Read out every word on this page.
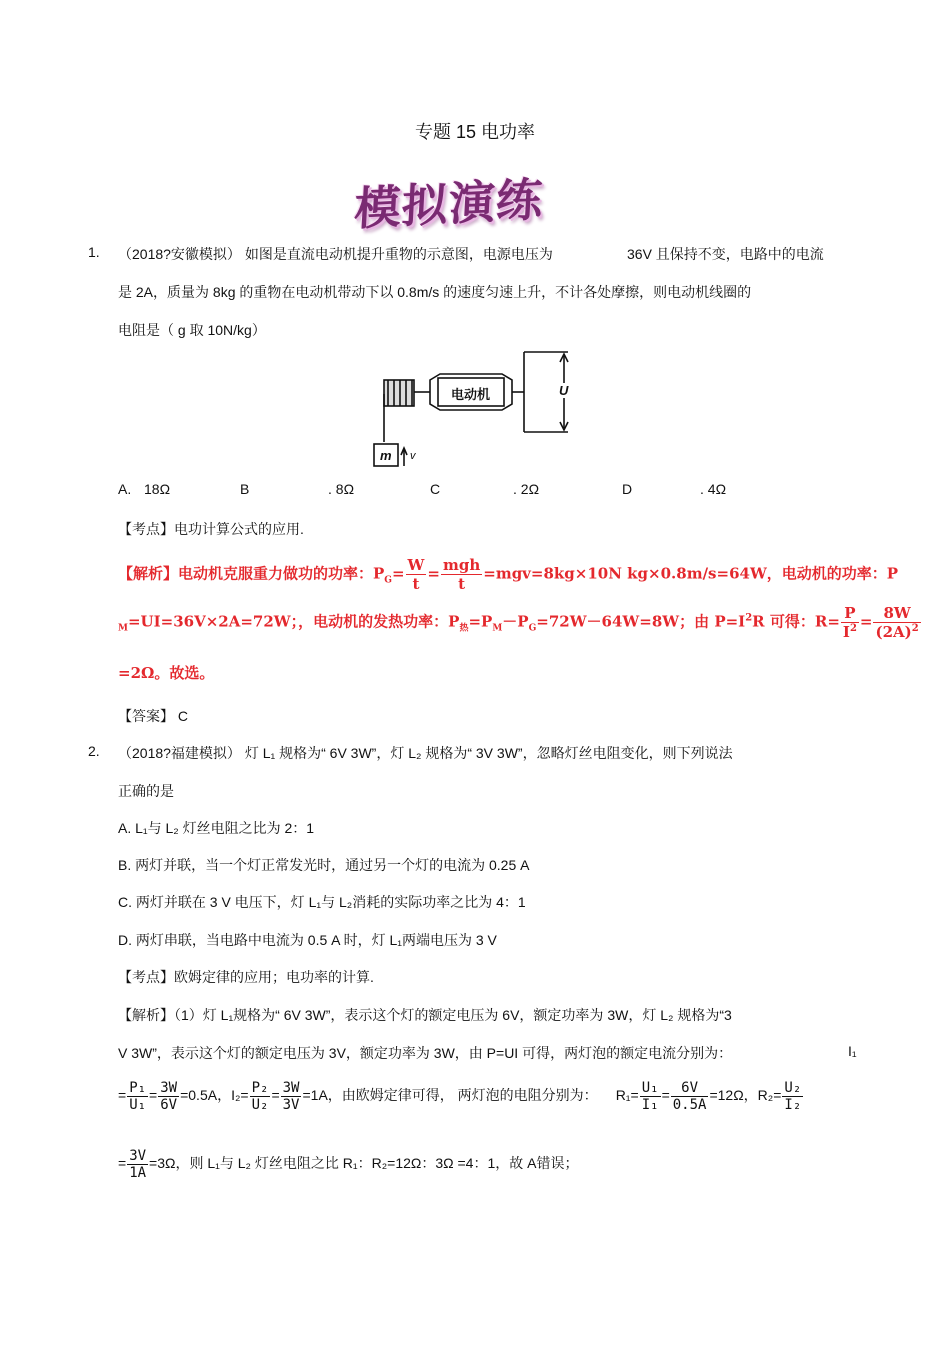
专题 15 电功率
模拟演练
1. （2018?安徽模拟） 如图是直流电动机提升重物的示意图，电源电压为	36V 且保持不变，电路中的电流
是 2A，质量为 8kg 的重物在电动机带动下以 0.8m/s 的速度匀速上升，不计各处摩擦，则电动机线圈的
电阻是（ g 取 10N/kg）
电动机	U
m v
A. 18Ω	B	. 8Ω	C	. 2Ω	D	. 4Ω
【考点】电功计算公式的应用.
【解析】电动机克服重力做功的功率：$P_G= \frac{W}{t} = \frac{\text{mgh}}{t} =mgv=8kg\times 10N$ kg×0.8m/s=64W，电动机的功率：P
$_M$=UI=36V×2A=72W；，电动机的发热功率：$P_热=P_M-P_G=72W-64W=8W$；由 $P=I^2R$ 可得：$R= \frac{P}{I^2} = \frac{8W}{(2A)^2}$
=2Ω。故选。
【答案】 C
2. （2018?福建模拟） 灯 L₁ 规格为“ 6V 3W”，灯 L₂ 规格为“ 3V 3W”，忽略灯丝电阻变化，则下列说法
正确的是
A. L₁与 L₂ 灯丝电阻之比为 2：1
B. 两灯并联，当一个灯正常发光时，通过另一个灯的电流为 0.25 A
C. 两灯并联在 3 V 电压下，灯 L₁与 L₂消耗的实际功率之比为 4：1
D. 两灯串联，当电路中电流为 0.5 A 时，灯 L₁两端电压为 3 V
【考点】欧姆定律的应用；电功率的计算.
【解析】（1）灯 L₁规格为“ 6V 3W”，表示这个灯的额定电压为 6V，额定功率为 3W，灯 L₂ 规格为“3
V 3W”，表示这个灯的额定电压为 3V，额定功率为 3W，由 P=UI 可得，两灯泡的额定电流分别为：	I₁
= $\frac{\text{P₁}}{\text{U₁}} = \frac{3W}{6V} =0.5A$，$I_2= \frac{\text{P₂}}{\text{U₂}} = \frac{3W}{3V} =1A$，由欧姆定律可得， 两灯泡的电阻分别为： $R_1= \frac{\text{U₁}}{\text{I₁}} = \frac{6V}{0.5A} =12\Omega$，$R_2= \frac{\text{U₂}}{\text{I₂}}$
= $\frac{3V}{1A} =3\Omega$，则 L₁与 L₂ 灯丝电阻之比 R₁：R₂=12Ω：3Ω =4：1，故 A错误；
